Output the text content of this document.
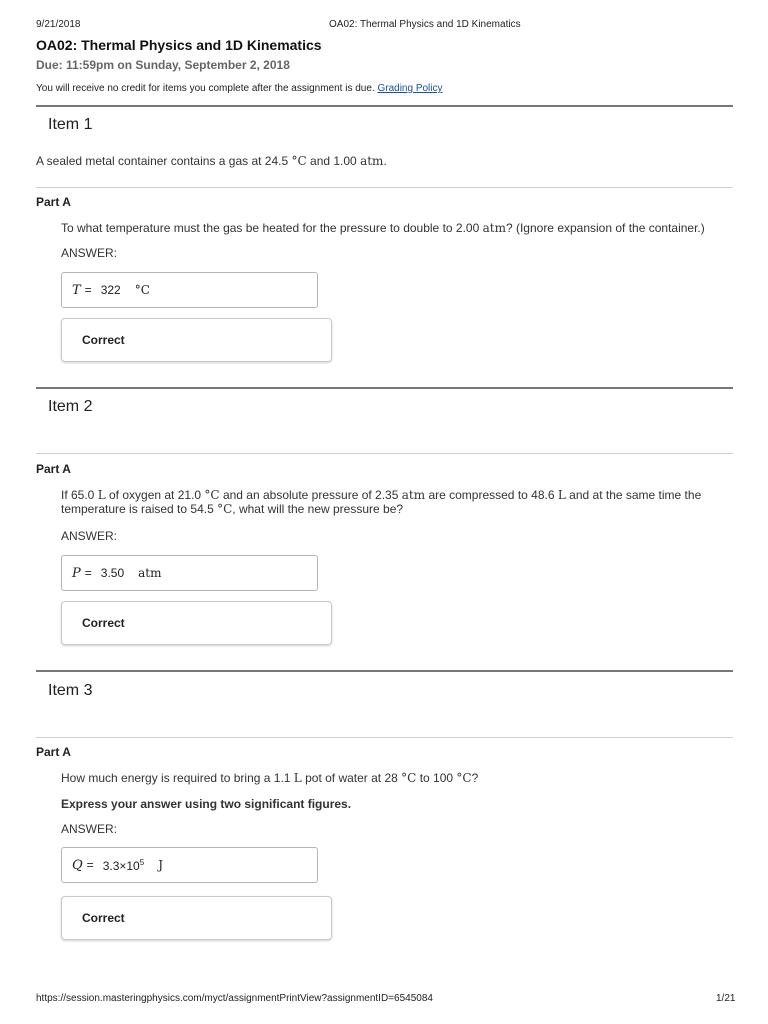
9/21/2018	OA02: Thermal Physics and 1D Kinematics
OA02: Thermal Physics and 1D Kinematics
Due: 11:59pm on Sunday, September 2, 2018
You will receive no credit for items you complete after the assignment is due. Grading Policy
Item 1
A sealed metal container contains a gas at 24.5 °C and 1.00 atm.
Part A
To what temperature must the gas be heated for the pressure to double to 2.00 atm? (Ignore expansion of the container.)
ANSWER:
T = 322 °C
Correct
Item 2
Part A
If 65.0 L of oxygen at 21.0 °C and an absolute pressure of 2.35 atm are compressed to 48.6 L and at the same time the
temperature is raised to 54.5 °C, what will the new pressure be?
ANSWER:
P = 3.50 atm
Correct
Item 3
Part A
How much energy is required to bring a 1.1 L pot of water at 28 °C to 100 °C?
Express your answer using two significant figures.
ANSWER:
$Q = 3.3\times 10^5$ J
Correct
https://session.masteringphysics.com/myct/assignmentPrintView?assignmentID=6545084	1/21
